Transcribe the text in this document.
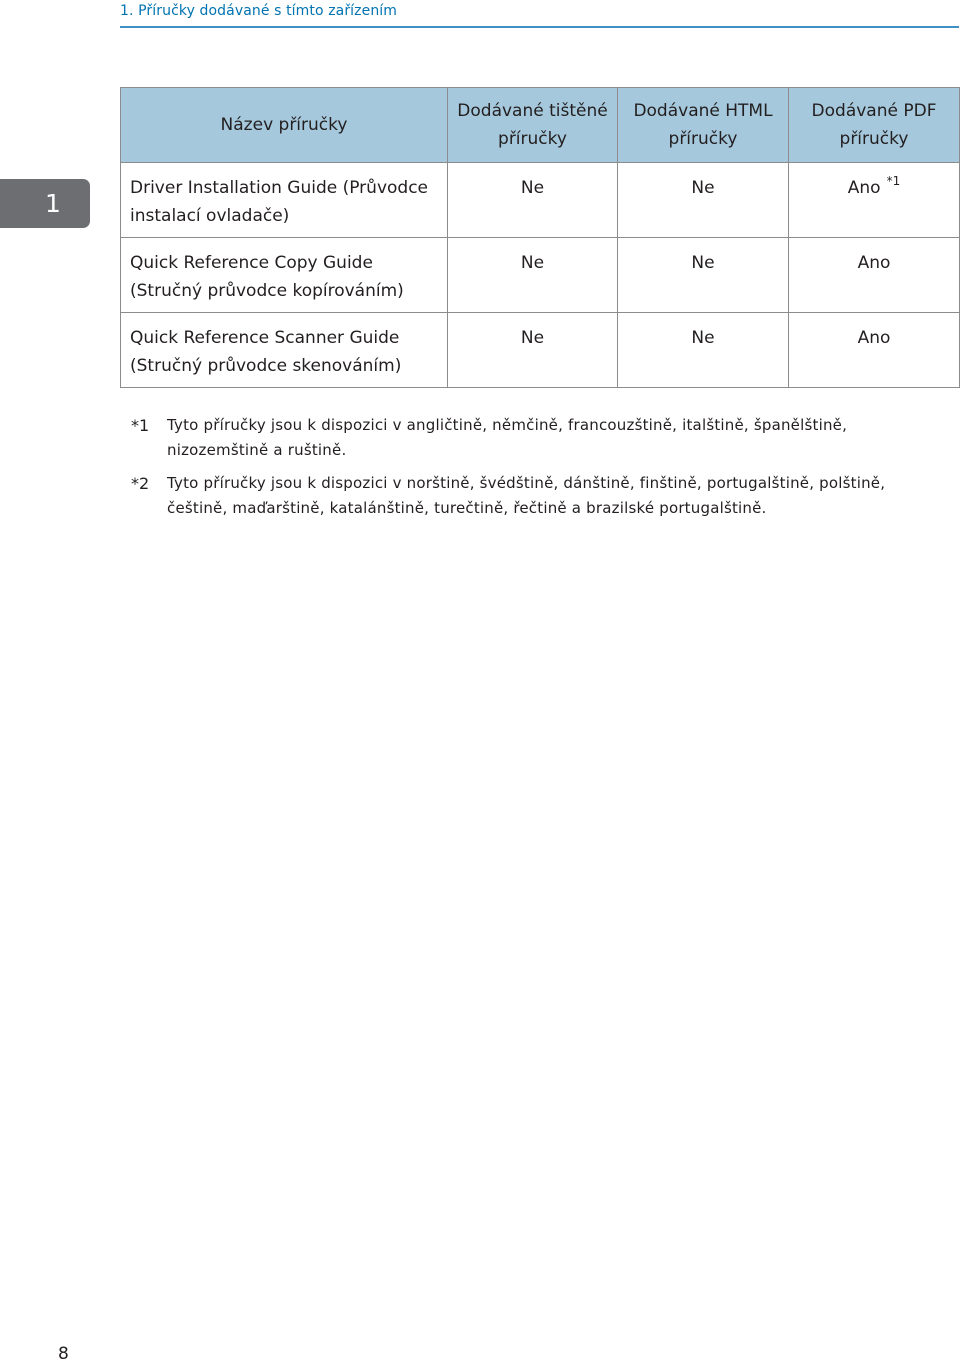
1. Příručky dodávané s tímto zařízením
1
Název příručky	Dodávané tištěné příručky	Dodávané HTML příručky	Dodávané PDF příručky
Driver Installation Guide (Průvodce instalací ovladače)	Ne	Ne	Ano $^{*1}$
Quick Reference Copy Guide (Stručný průvodce kopírováním)	Ne	Ne	Ano
Quick Reference Scanner Guide (Stručný průvodce skenováním)	Ne	Ne	Ano
*1	Tyto příručky jsou k dispozici v angličtině, němčině, francouzštině, italštině, španělštině, nizozemštině a ruštině.
*2	Tyto příručky jsou k dispozici v norštině, švédštině, dánštině, finštině, portugalštině, polštině, češtině, maďarštině, katalánštině, turečtině, řečtině a brazilské portugalštině.
8
